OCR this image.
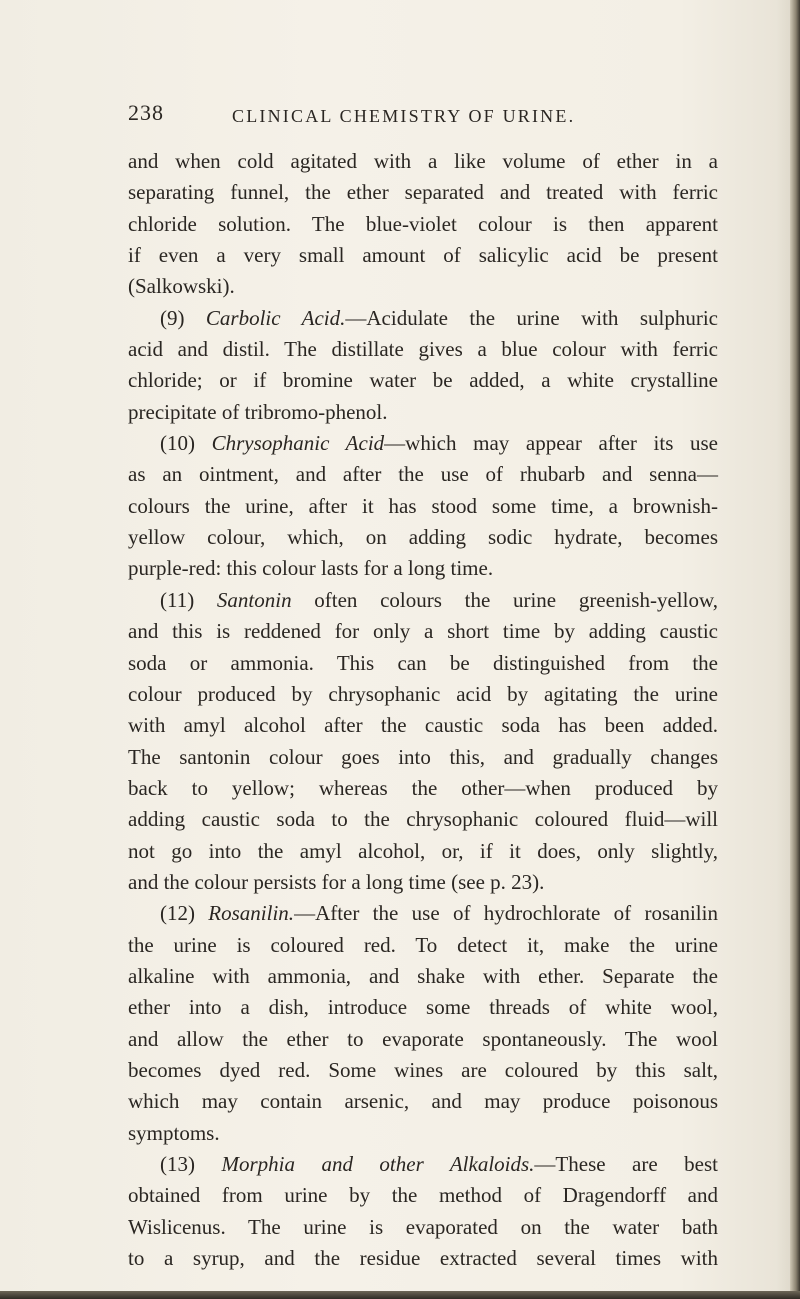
238	CLINICAL CHEMISTRY OF URINE.
and when cold agitated with a like volume of ether in a
separating funnel, the ether separated and treated with ferric
chloride solution. The blue-violet colour is then apparent
if even a very small amount of salicylic acid be present
(Salkowski).
(9) Carbolic Acid.—Acidulate the urine with sulphuric
acid and distil. The distillate gives a blue colour with ferric
chloride; or if bromine water be added, a white crystalline
precipitate of tribromo-phenol.
(10) Chrysophanic Acid—which may appear after its use
as an ointment, and after the use of rhubarb and senna—
colours the urine, after it has stood some time, a brownish-
yellow colour, which, on adding sodic hydrate, becomes
purple-red: this colour lasts for a long time.
(11) Santonin often colours the urine greenish-yellow,
and this is reddened for only a short time by adding caustic
soda or ammonia. This can be distinguished from the
colour produced by chrysophanic acid by agitating the urine
with amyl alcohol after the caustic soda has been added.
The santonin colour goes into this, and gradually changes
back to yellow; whereas the other—when produced by
adding caustic soda to the chrysophanic coloured fluid—will
not go into the amyl alcohol, or, if it does, only slightly,
and the colour persists for a long time (see p. 23).
(12) Rosanilin.—After the use of hydrochlorate of rosanilin
the urine is coloured red. To detect it, make the urine
alkaline with ammonia, and shake with ether. Separate the
ether into a dish, introduce some threads of white wool,
and allow the ether to evaporate spontaneously. The wool
becomes dyed red. Some wines are coloured by this salt,
which may contain arsenic, and may produce poisonous
symptoms.
(13) Morphia and other Alkaloids.—These are best
obtained from urine by the method of Dragendorff and
Wislicenus. The urine is evaporated on the water bath
to a syrup, and the residue extracted several times with
